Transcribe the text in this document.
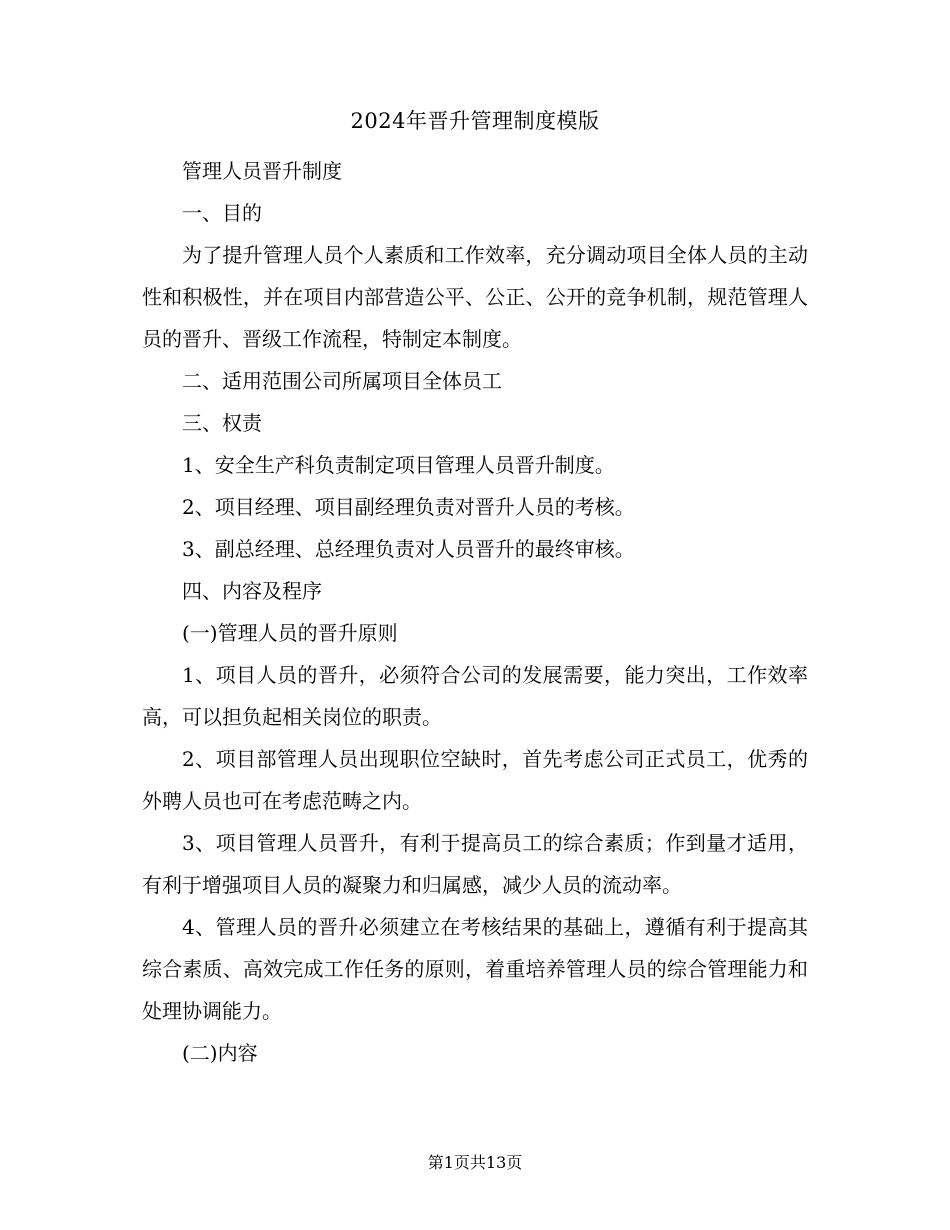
2024年晋升管理制度模版

管理人员晋升制度

一、目的

为了提升管理人员个人素质和工作效率，充分调动项目全体人员的主动性和积极性，并在项目内部营造公平、公正、公开的竞争机制，规范管理人员的晋升、晋级工作流程，特制定本制度。

二、适用范围公司所属项目全体员工

三、权责

1、安全生产科负责制定项目管理人员晋升制度。

2、项目经理、项目副经理负责对晋升人员的考核。

3、副总经理、总经理负责对人员晋升的最终审核。

四、内容及程序

(一)管理人员的晋升原则

1、项目人员的晋升，必须符合公司的发展需要，能力突出，工作效率高，可以担负起相关岗位的职责。

2、项目部管理人员出现职位空缺时，首先考虑公司正式员工，优秀的外聘人员也可在考虑范畴之内。

3、项目管理人员晋升，有利于提高员工的综合素质；作到量才适用，有利于增强项目人员的凝聚力和归属感，减少人员的流动率。

4、管理人员的晋升必须建立在考核结果的基础上，遵循有利于提高其综合素质、高效完成工作任务的原则，着重培养管理人员的综合管理能力和处理协调能力。

(二)内容

第1页共13页
